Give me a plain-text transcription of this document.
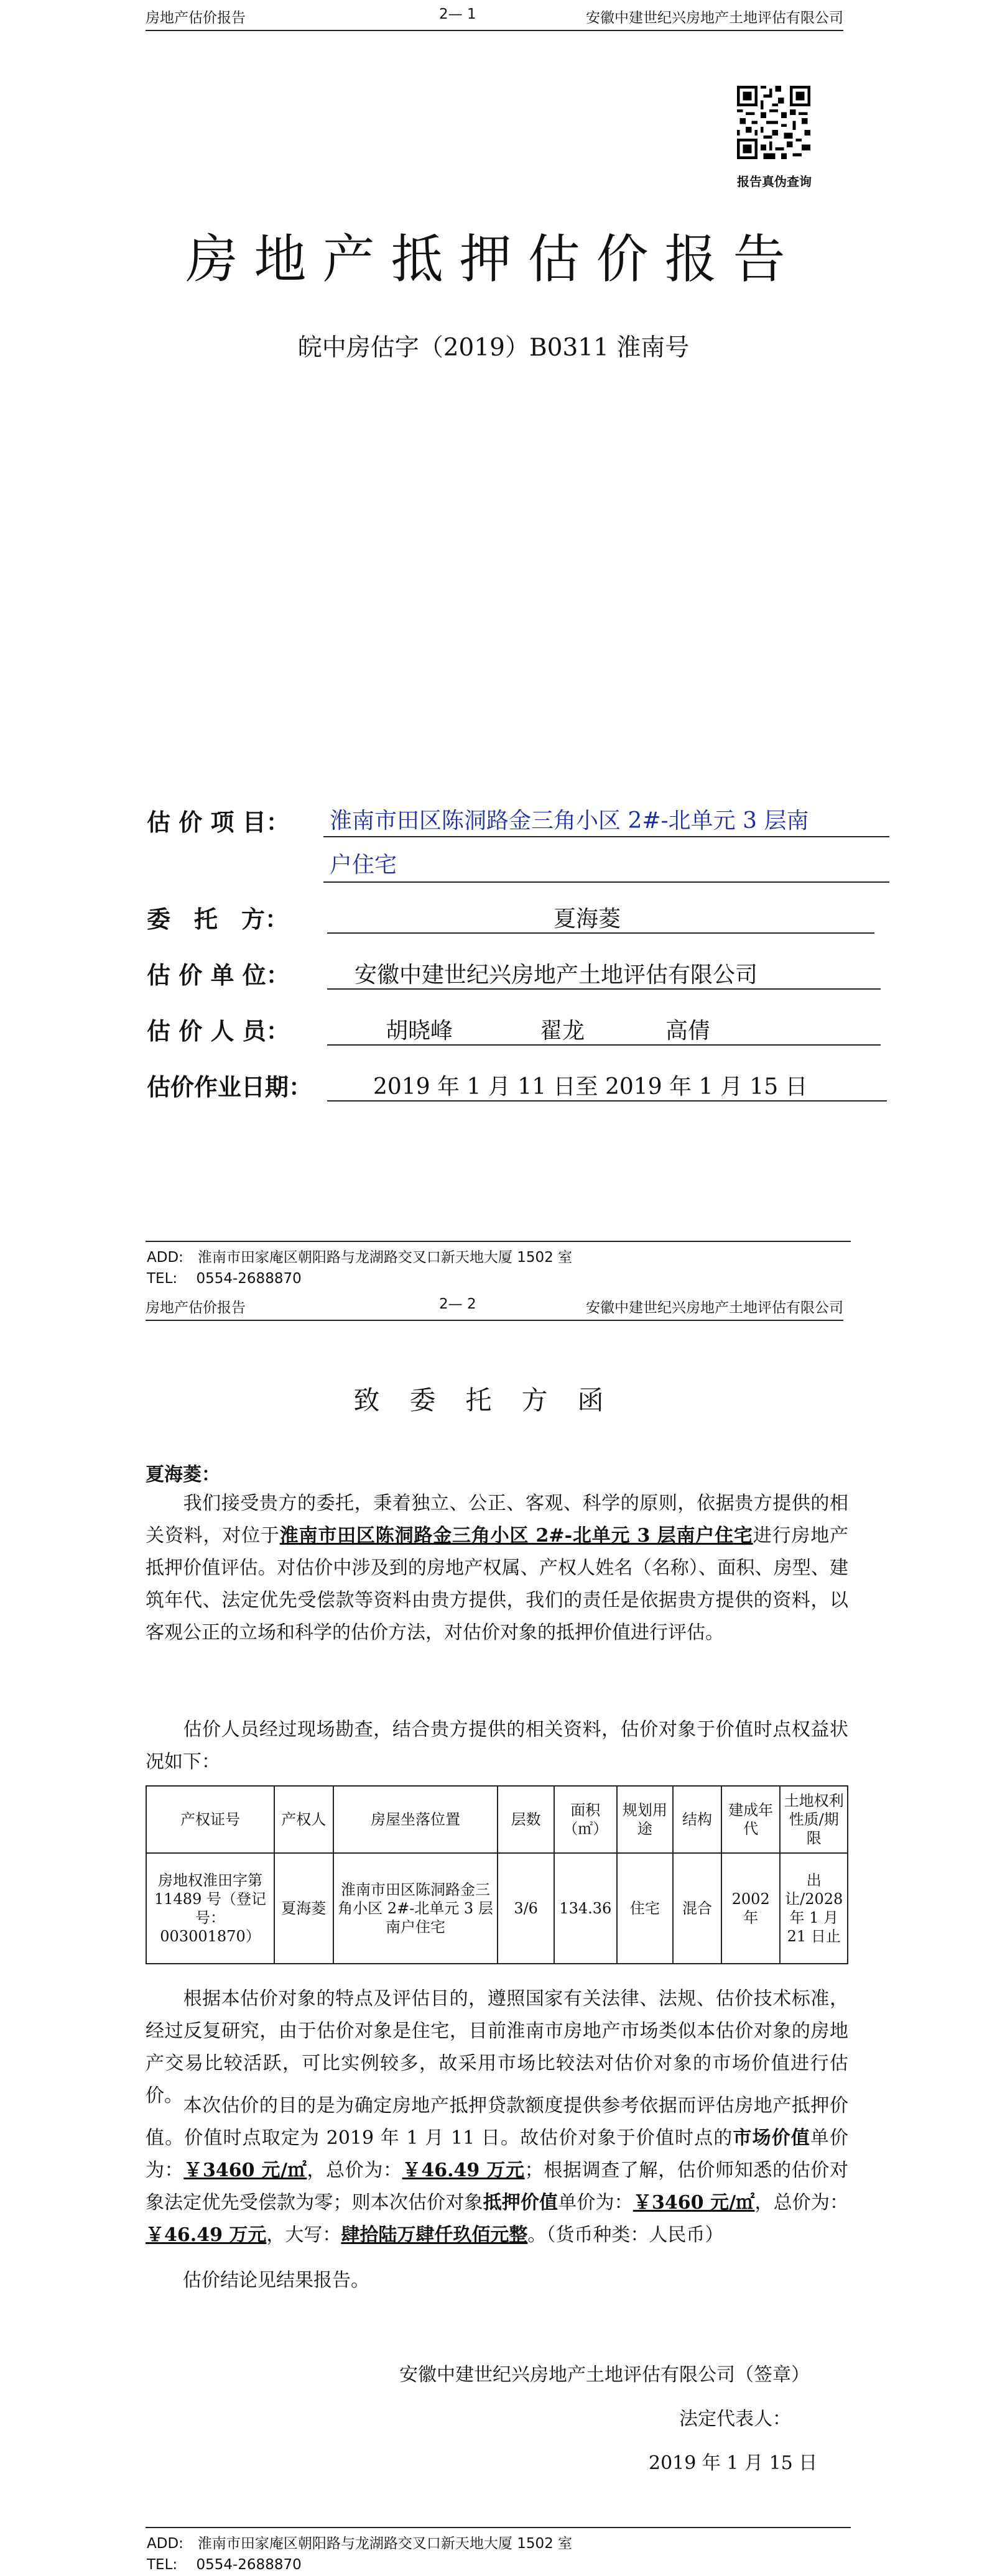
房地产估价报告	2— 1	安徽中建世纪兴房地产土地评估有限公司
报告真伪查询
房地产抵押估价报告
皖中房估字（2019）B0311 淮南号
估 价 项 目： 淮南市田区陈洞路金三角小区 2#-北单元 3 层南
户住宅
委　托　方：	夏海菱
估 价 单 位：	安徽中建世纪兴房地产土地评估有限公司
估 价 人 员：	胡晓峰	翟龙	高倩
估价作业日期：	2019 年 1 月 11 日至 2019 年 1 月 15 日
ADD:　淮南市田家庵区朝阳路与龙湖路交叉口新天地大厦 1502 室
TEL:　 0554-2688870
房地产估价报告	2— 2	安徽中建世纪兴房地产土地评估有限公司
致委托方函
夏海菱：
我们接受贵方的委托，秉着独立、公正、客观、科学的原则，依据贵方提供的相关资料，对位于淮南市田区陈洞路金三角小区 2#-北单元 3 层南户住宅进行房地产抵押价值评估。对估价中涉及到的房地产权属、产权人姓名（名称）、面积、房型、建筑年代、法定优先受偿款等资料由贵方提供，我们的责任是依据贵方提供的资料，以客观公正的立场和科学的估价方法，对估价对象的抵押价值进行评估。
估价人员经过现场勘查，结合贵方提供的相关资料，估价对象于价值时点权益状况如下：
产权证号	产权人	房屋坐落位置	层数	面积（㎡）	规划用途	结构	建成年代	土地权利性质/期限
房地权淮田字第 11489 号（登记号：003001870）	夏海菱	淮南市田区陈洞路金三角小区 2#-北单元 3 层南户住宅	3/6	134.36	住宅	混合	2002 年	出让/2028 年 1 月 21 日止
根据本估价对象的特点及评估目的，遵照国家有关法律、法规、估价技术标准，经过反复研究，由于估价对象是住宅，目前淮南市房地产市场类似本估价对象的房地产交易比较活跃，可比实例较多，故采用市场比较法对估价对象的市场价值进行估价。 本次估价的目的是为确定房地产抵押贷款额度提供参考依据而评估房地产抵押价值。价值时点取定为 2019 年 1 月 11 日。故估价对象于价值时点的市场价值单价为：￥3460 元/㎡，总价为：￥46.49 万元；根据调查了解，估价师知悉的估价对象法定优先受偿款为零；则本次估价对象抵押价值单价为：￥3460 元/㎡，总价为：￥46.49 万元，大写：肆拾陆万肆仟玖佰元整。（货币种类：人民币）
估价结论见结果报告。
安徽中建世纪兴房地产土地评估有限公司（签章）
法定代表人：
2019 年 1 月 15 日
ADD:　淮南市田家庵区朝阳路与龙湖路交叉口新天地大厦 1502 室
TEL:　 0554-2688870
